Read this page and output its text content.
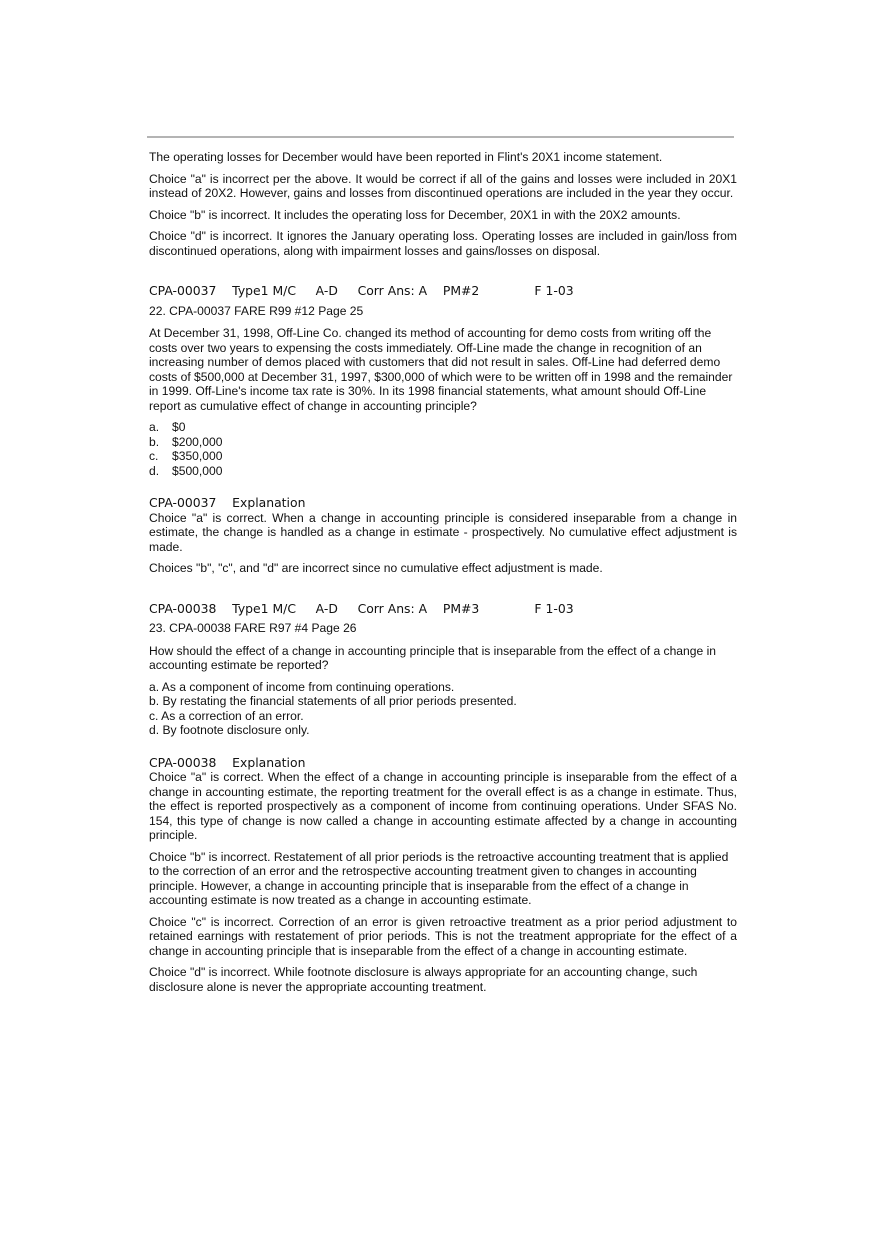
The operating losses for December would have been reported in Flint's 20X1 income statement.

Choice "a" is incorrect per the above. It would be correct if all of the gains and losses were included in 20X1 instead of 20X2. However, gains and losses from discontinued operations are included in the year they occur.

Choice "b" is incorrect. It includes the operating loss for December, 20X1 in with the 20X2 amounts.

Choice "d" is incorrect. It ignores the January operating loss. Operating losses are included in gain/loss from discontinued operations, along with impairment losses and gains/losses on disposal.

CPA-00037    Type1 M/C     A-D     Corr Ans: A    PM#2              F 1-03

22. CPA-00037 FARE R99 #12 Page 25

At December 31, 1998, Off-Line Co. changed its method of accounting for demo costs from writing off the costs over two years to expensing the costs immediately. Off-Line made the change in recognition of an increasing number of demos placed with customers that did not result in sales. Off-Line had deferred demo costs of $500,000 at December 31, 1997, $300,000 of which were to be written off in 1998 and the remainder in 1999. Off-Line's income tax rate is 30%. In its 1998 financial statements, what amount should Off-Line report as cumulative effect of change in accounting principle?

a. $0
b. $200,000
c. $350,000
d. $500,000
CPA-00037    Explanation

Choice "a" is correct. When a change in accounting principle is considered inseparable from a change in estimate, the change is handled as a change in estimate - prospectively. No cumulative effect adjustment is made.

Choices "b", "c", and "d" are incorrect since no cumulative effect adjustment is made.

CPA-00038    Type1 M/C     A-D     Corr Ans: A    PM#3              F 1-03

23. CPA-00038 FARE R97 #4 Page 26

How should the effect of a change in accounting principle that is inseparable from the effect of a change in accounting estimate be reported?

a. As a component of income from continuing operations.
b. By restating the financial statements of all prior periods presented.
c. As a correction of an error.
d. By footnote disclosure only.
CPA-00038    Explanation

Choice "a" is correct. When the effect of a change in accounting principle is inseparable from the effect of a change in accounting estimate, the reporting treatment for the overall effect is as a change in estimate. Thus, the effect is reported prospectively as a component of income from continuing operations. Under SFAS No. 154, this type of change is now called a change in accounting estimate affected by a change in accounting principle.

Choice "b" is incorrect. Restatement of all prior periods is the retroactive accounting treatment that is applied to the correction of an error and the retrospective accounting treatment given to changes in accounting principle. However, a change in accounting principle that is inseparable from the effect of a change in accounting estimate is now treated as a change in accounting estimate.

Choice "c" is incorrect. Correction of an error is given retroactive treatment as a prior period adjustment to retained earnings with restatement of prior periods. This is not the treatment appropriate for the effect of a change in accounting principle that is inseparable from the effect of a change in accounting estimate.

Choice "d" is incorrect. While footnote disclosure is always appropriate for an accounting change, such disclosure alone is never the appropriate accounting treatment.
